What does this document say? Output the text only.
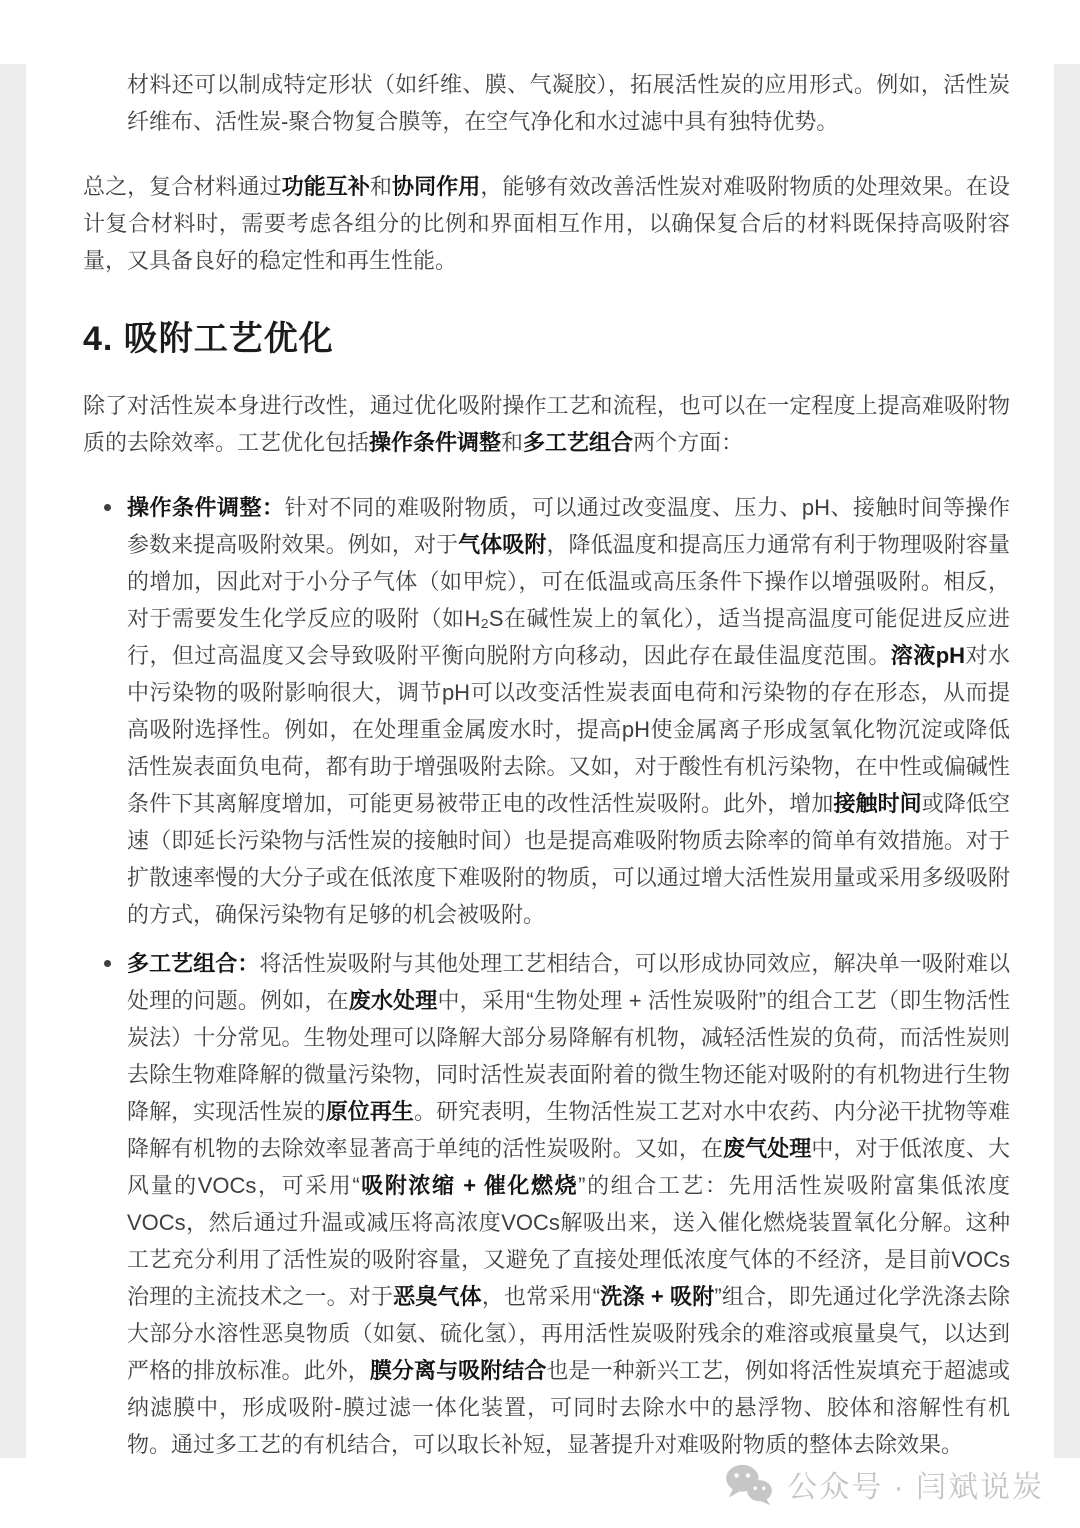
材料还可以制成特定形状（如纤维、膜、气凝胶），拓展活性炭的应用形式。例如，活性炭纤维布、活性炭-聚合物复合膜等，在空气净化和水过滤中具有独特优势。

总之，复合材料通过功能互补和协同作用，能够有效改善活性炭对难吸附物质的处理效果。在设计复合材料时，需要考虑各组分的比例和界面相互作用，以确保复合后的材料既保持高吸附容量，又具备良好的稳定性和再生性能。

4. 吸附工艺优化

除了对活性炭本身进行改性，通过优化吸附操作工艺和流程，也可以在一定程度上提高难吸附物质的去除效率。工艺优化包括操作条件调整和多工艺组合两个方面：

操作条件调整：针对不同的难吸附物质，可以通过改变温度、压力、pH、接触时间等操作参数来提高吸附效果。例如，对于气体吸附，降低温度和提高压力通常有利于物理吸附容量的增加，因此对于小分子气体（如甲烷），可在低温或高压条件下操作以增强吸附。相反，对于需要发生化学反应的吸附（如H₂S在碱性炭上的氧化），适当提高温度可能促进反应进行，但过高温度又会导致吸附平衡向脱附方向移动，因此存在最佳温度范围。溶液pH对水中污染物的吸附影响很大，调节pH可以改变活性炭表面电荷和污染物的存在形态，从而提高吸附选择性。例如，在处理重金属废水时，提高pH使金属离子形成氢氧化物沉淀或降低活性炭表面负电荷，都有助于增强吸附去除。又如，对于酸性有机污染物，在中性或偏碱性条件下其离解度增加，可能更易被带正电的改性活性炭吸附。此外，增加接触时间或降低空速（即延长污染物与活性炭的接触时间）也是提高难吸附物质去除率的简单有效措施。对于扩散速率慢的大分子或在低浓度下难吸附的物质，可以通过增大活性炭用量或采用多级吸附的方式，确保污染物有足够的机会被吸附。
多工艺组合：将活性炭吸附与其他处理工艺相结合，可以形成协同效应，解决单一吸附难以处理的问题。例如，在废水处理中，采用“生物处理 + 活性炭吸附”的组合工艺（即生物活性炭法）十分常见。生物处理可以降解大部分易降解有机物，减轻活性炭的负荷，而活性炭则去除生物难降解的微量污染物，同时活性炭表面附着的微生物还能对吸附的有机物进行生物降解，实现活性炭的原位再生。研究表明，生物活性炭工艺对水中农药、内分泌干扰物等难降解有机物的去除效率显著高于单纯的活性炭吸附。又如，在废气处理中，对于低浓度、大风量的VOCs，可采用“吸附浓缩 + 催化燃烧”的组合工艺：先用活性炭吸附富集低浓度VOCs，然后通过升温或减压将高浓度VOCs解吸出来，送入催化燃烧装置氧化分解。这种工艺充分利用了活性炭的吸附容量，又避免了直接处理低浓度气体的不经济，是目前VOCs治理的主流技术之一。对于恶臭气体，也常采用“洗涤 + 吸附”组合，即先通过化学洗涤去除大部分水溶性恶臭物质（如氨、硫化氢），再用活性炭吸附残余的难溶或痕量臭气，以达到严格的排放标准。此外，膜分离与吸附结合也是一种新兴工艺，例如将活性炭填充于超滤或纳滤膜中，形成吸附-膜过滤一体化装置，可同时去除水中的悬浮物、胶体和溶解性有机物。通过多工艺的有机结合，可以取长补短，显著提升对难吸附物质的整体去除效果。
公众号 · 闫斌说炭
